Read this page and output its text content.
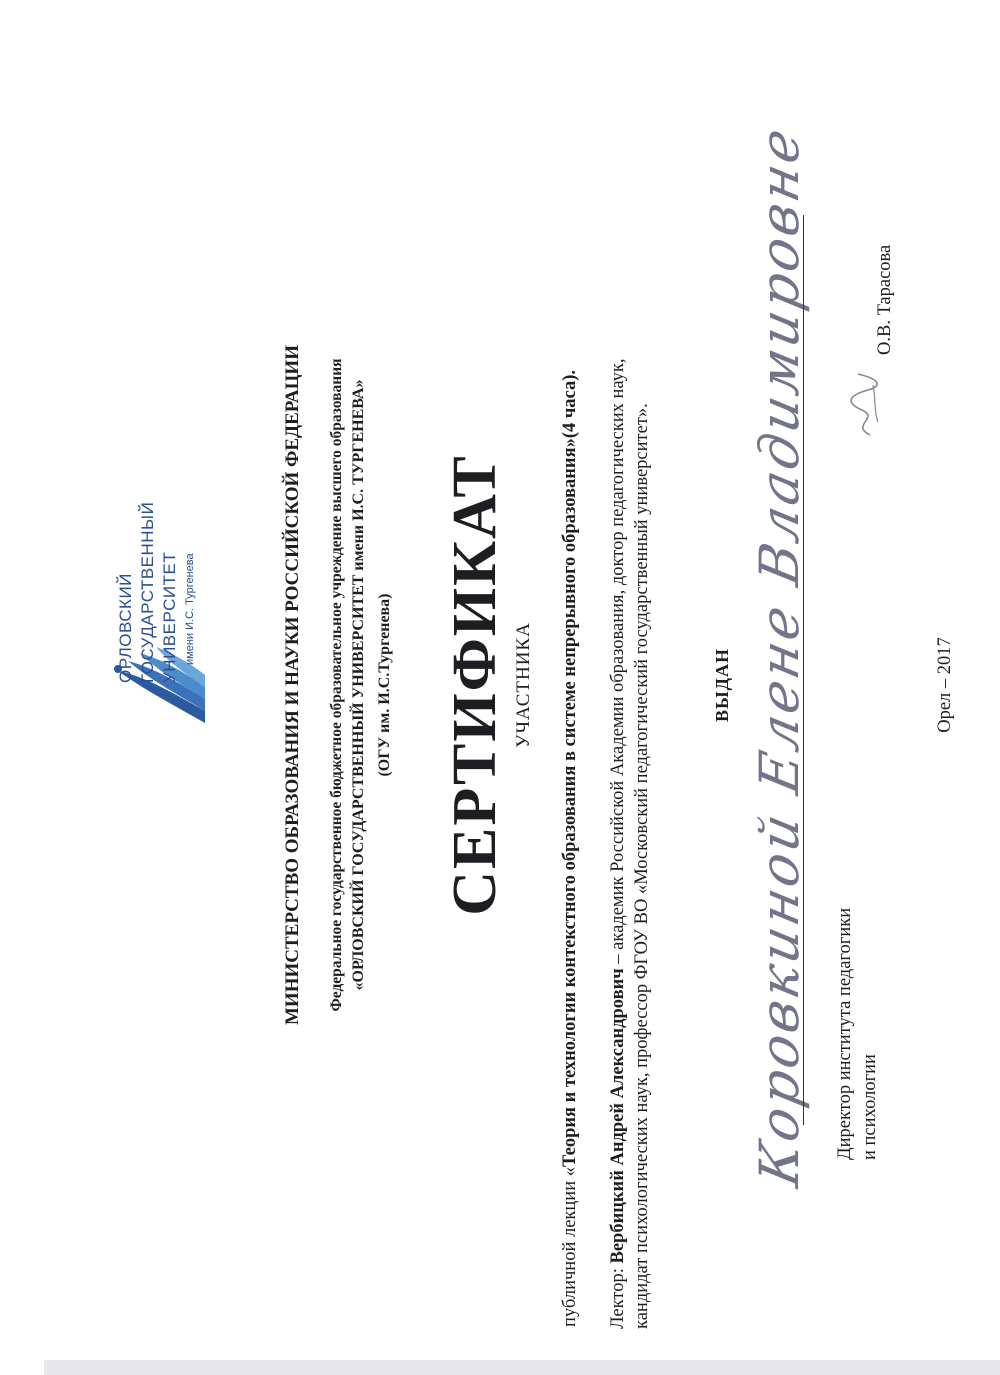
ОРЛОВСКИЙ ГОСУДАРСТВЕННЫЙ УНИВЕРСИТЕТ имени И.С. Тургенева	МИНИСТЕРСТВО ОБРАЗОВАНИЯ И НАУКИ РОССИЙСКОЙ ФЕДЕРАЦИИ Федеральное государственное бюджетное образовательное учреждение высшего образования «ОРЛОВСКИЙ ГОСУДАРСТВЕННЫЙ УНИВЕРСИТЕТ имени И.С. ТУРГЕНЕВА» (ОГУ им. И.С.Тургенева) СЕРТИФИКАТ УЧАСТНИКА
публичной лекции «Теория и технологии контекстного образования в системе непрерывного образования»(4 часа).
Лектор: Вербицкий Андрей Александрович – академик Российской Академии образования, доктор педагогических наук, кандидат психологических наук, профессор ФГОУ ВО «Московский педагогический государственный университет».	ВЫДАН Коровкиной Елене Владимировне Директор института педагогики и психологии
О.В. Тарасова
Орел – 2017
